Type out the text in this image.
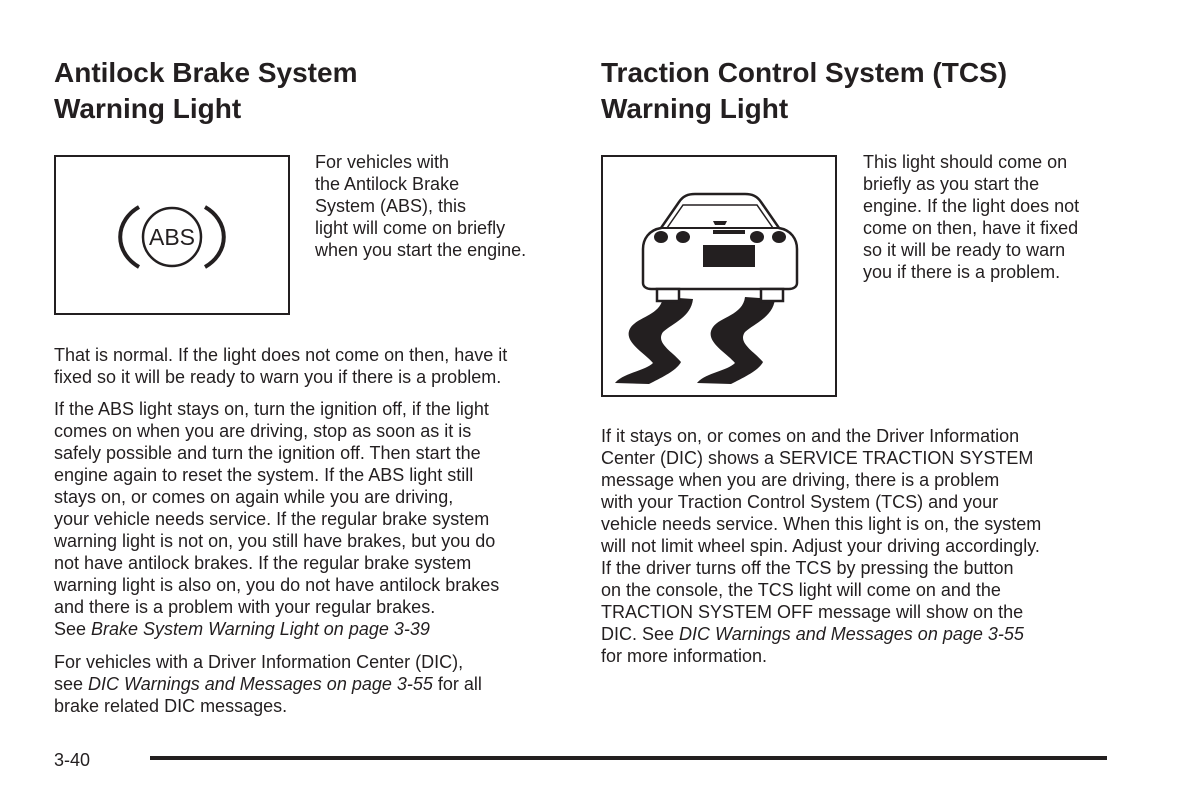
Antilock Brake System
Warning Light
ABS
For vehicles with
the Antilock Brake
System (ABS), this
light will come on briefly
when you start the engine.

That is normal. If the light does not come on then, have it
fixed so it will be ready to warn you if there is a problem.

If the ABS light stays on, turn the ignition off, if the light
comes on when you are driving, stop as soon as it is
safely possible and turn the ignition off. Then start the
engine again to reset the system. If the ABS light still
stays on, or comes on again while you are driving,
your vehicle needs service. If the regular brake system
warning light is not on, you still have brakes, but you do
not have antilock brakes. If the regular brake system
warning light is also on, you do not have antilock brakes
and there is a problem with your regular brakes.
See Brake System Warning Light on page 3-39

For vehicles with a Driver Information Center (DIC),
see DIC Warnings and Messages on page 3-55 for all
brake related DIC messages.

Traction Control System (TCS)
Warning Light
This light should come on
briefly as you start the
engine. If the light does not
come on then, have it fixed
so it will be ready to warn
you if there is a problem.

If it stays on, or comes on and the Driver Information
Center (DIC) shows a SERVICE TRACTION SYSTEM
message when you are driving, there is a problem
with your Traction Control System (TCS) and your
vehicle needs service. When this light is on, the system
will not limit wheel spin. Adjust your driving accordingly.
If the driver turns off the TCS by pressing the button
on the console, the TCS light will come on and the
TRACTION SYSTEM OFF message will show on the
DIC. See DIC Warnings and Messages on page 3-55
for more information.

3-40
